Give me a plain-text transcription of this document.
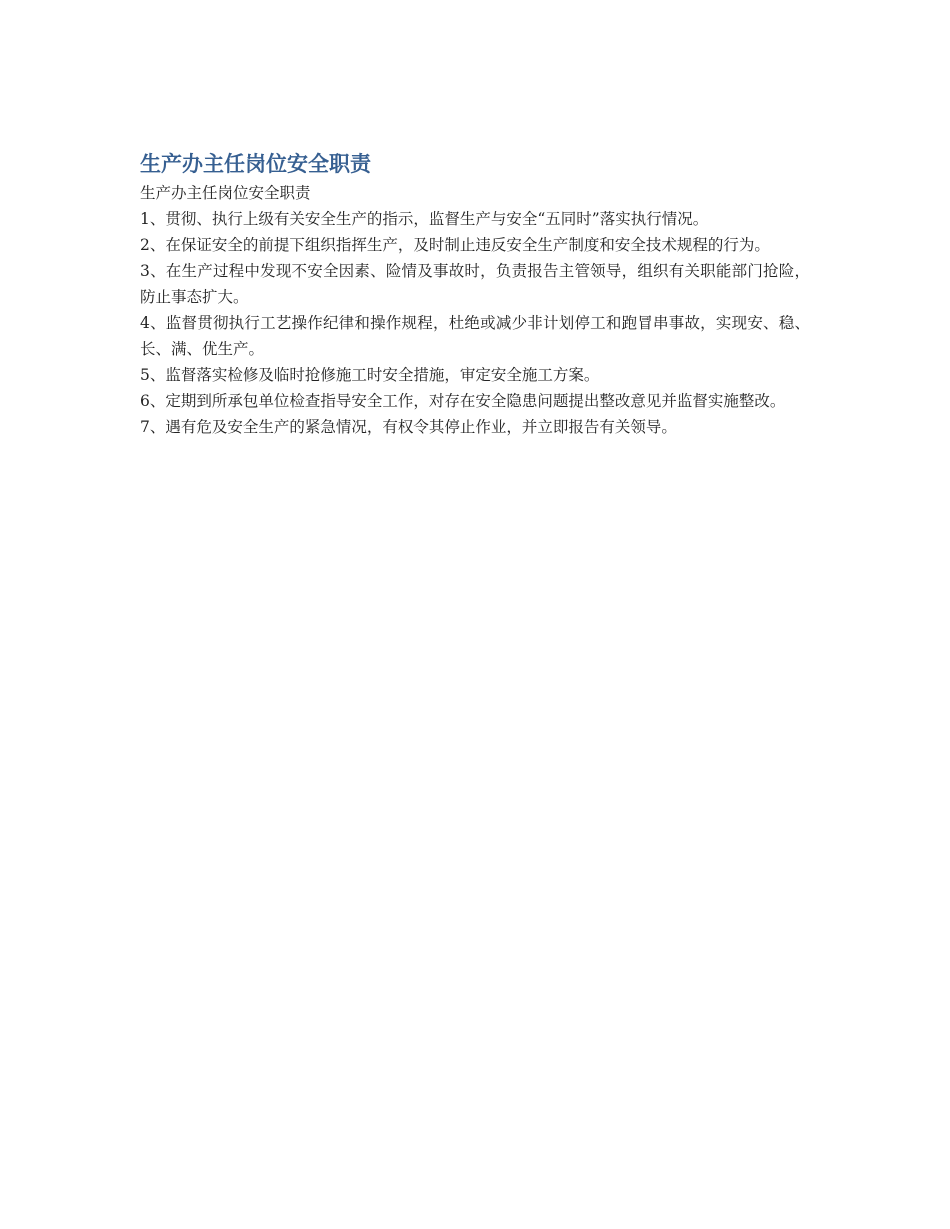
生产办主任岗位安全职责

生产办主任岗位安全职责

1、贯彻、执行上级有关安全生产的指示，监督生产与安全“五同时”落实执行情况。
2、在保证安全的前提下组织指挥生产，及时制止违反安全生产制度和安全技术规程的行为。
3、在生产过程中发现不安全因素、险情及事故时，负责报告主管领导，组织有关职能部门抢险，防止事态扩大。
4、监督贯彻执行工艺操作纪律和操作规程，杜绝或减少非计划停工和跑冒串事故，实现安、稳、长、满、优生产。
5、监督落实检修及临时抢修施工时安全措施，审定安全施工方案。
6、定期到所承包单位检查指导安全工作，对存在安全隐患问题提出整改意见并监督实施整改。
7、遇有危及安全生产的紧急情况，有权令其停止作业，并立即报告有关领导。
